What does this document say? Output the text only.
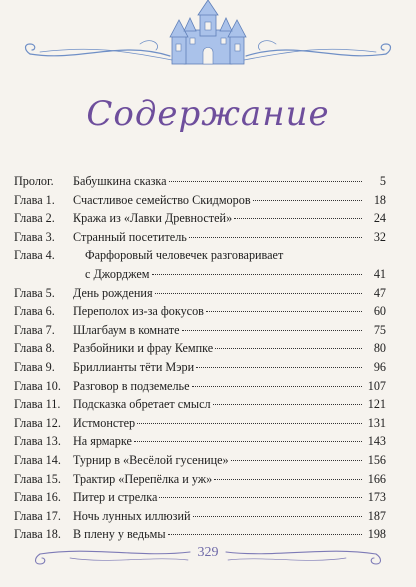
Содержание
Пролог.	Бабушкина сказка	5
Глава 1.	Счастливое семейство Скидморов	18
Глава 2.	Кража из «Лавки Древностей»	24
Глава 3.	Странный посетитель	32
Глава 4.	Фарфоровый человечек разговаривает
с Джорджем	41
Глава 5.	День рождения	47
Глава 6.	Переполох из-за фокусов	60
Глава 7.	Шлагбаум в комнате	75
Глава 8.	Разбойники и фрау Кемпке	80
Глава 9.	Бриллианты тёти Мэри	96
Глава 10. Разговор в подземелье	107
Глава 11.	Подсказка обретает смысл	121
Глава 12. Истмонстер	131
Глава 13. На ярмарке	143
Глава 14. Турнир в «Весёлой гусенице»	156
Глава 15. Трактир «Перепёлка и уж»	166
Глава 16. Питер и стрелка	173
Глава 17. Ночь лунных иллюзий	187
Глава 18. В плену у ведьмы	198
329
